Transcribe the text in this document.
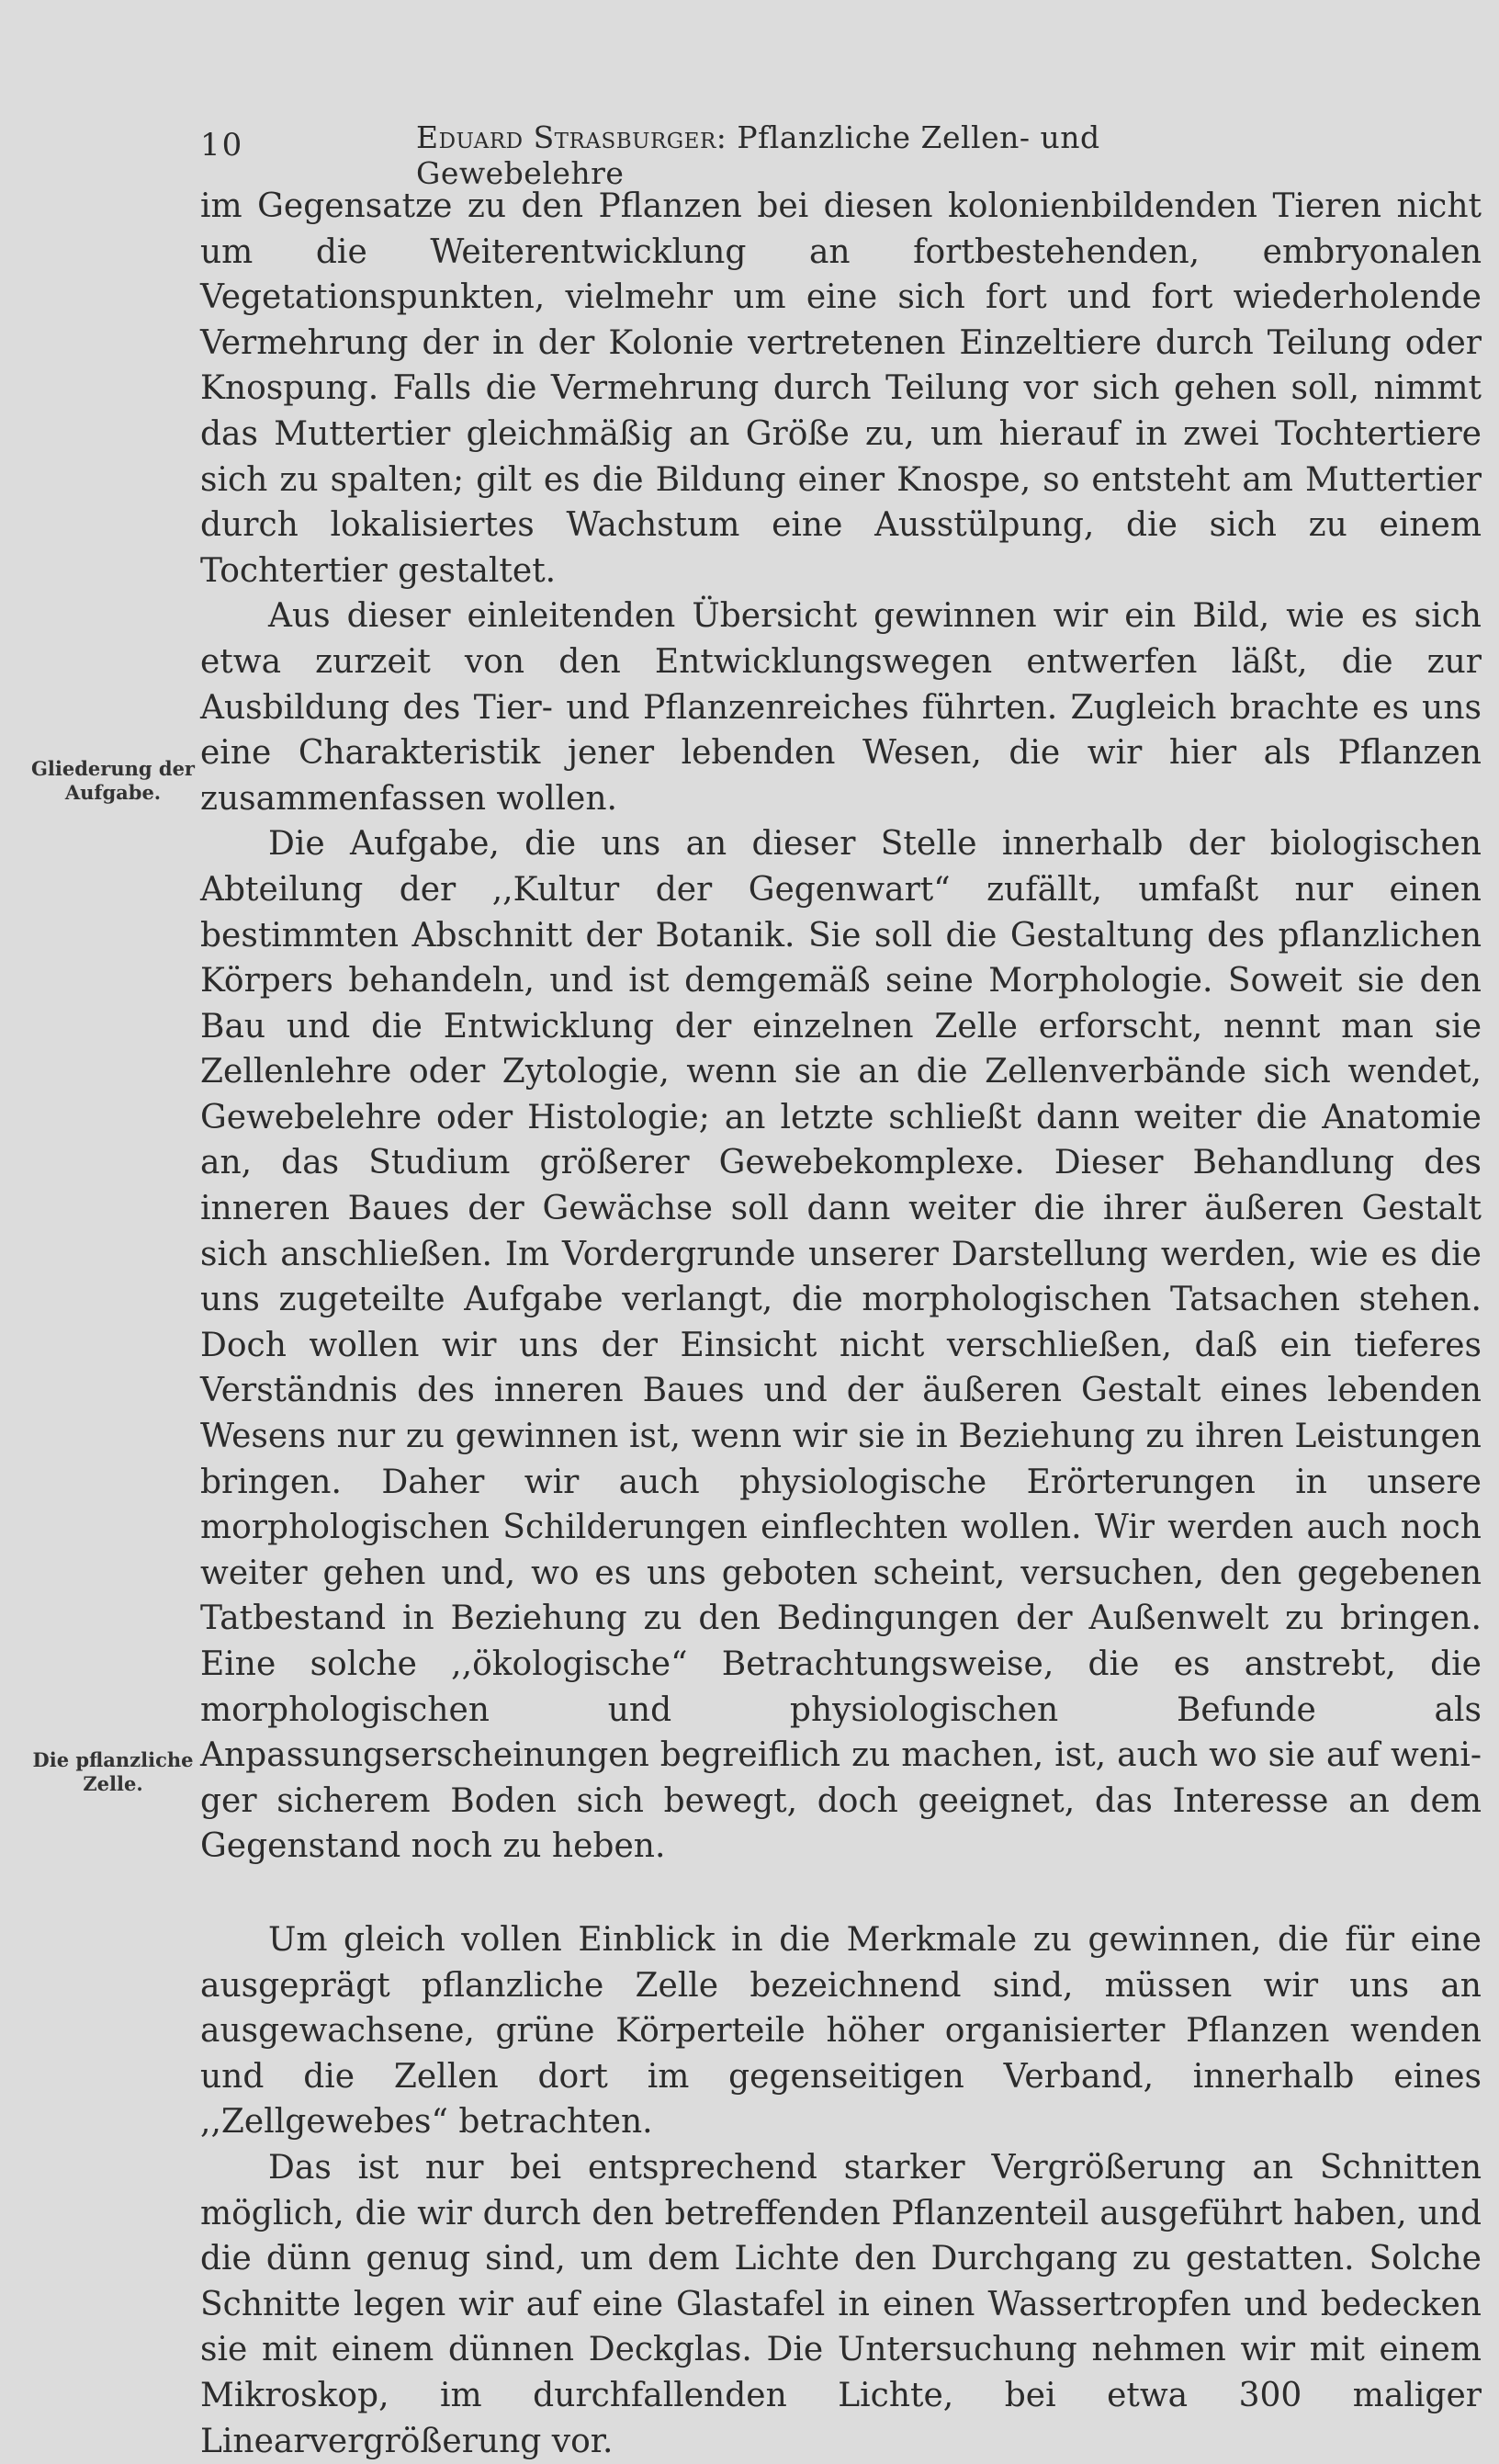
10	Eduard Strasburger: Pflanzliche Zellen- und Gewebelehre
Gliederung der
Aufgabe.
Die pflanzliche
Zelle.

im Gegensatze zu den Pflanzen bei diesen kolonienbildenden Tieren nicht um die Weiterentwicklung an fortbestehenden, embryonalen Vegetationspunkten, vielmehr um eine sich fort und fort wiederholende Vermehrung der in der Kolonie vertretenen Einzeltiere durch Teilung oder Knospung. Falls die Vermehrung durch Teilung vor sich gehen soll, nimmt das Muttertier gleichmäßig an Größe zu, um hierauf in zwei Tochtertiere sich zu spalten; gilt es die Bildung einer Knospe, so entsteht am Muttertier durch lokalisiertes Wachstum eine Ausstülpung, die sich zu einem Tochtertier gestaltet.

Aus dieser einleitenden Übersicht gewinnen wir ein Bild, wie es sich etwa zurzeit von den Entwicklungswegen entwerfen läßt, die zur Ausbildung des Tier- und Pflanzenreiches führten. Zugleich brachte es uns eine Charakteristik jener lebenden Wesen, die wir hier als Pflanzen zusammenfassen wollen.

Die Aufgabe, die uns an dieser Stelle innerhalb der biologischen Abteilung der ,,Kultur der Gegenwart“ zufällt, umfaßt nur einen bestimmten Abschnitt der Botanik. Sie soll die Gestaltung des pflanzlichen Körpers behandeln, und ist demgemäß seine Morphologie. Soweit sie den Bau und die Entwicklung der einzelnen Zelle erforscht, nennt man sie Zellenlehre oder Zytologie, wenn sie an die Zellenverbände sich wendet, Gewebelehre oder Histologie; an letzte schließt dann weiter die Anatomie an, das Studium größerer Gewebekomplexe. Dieser Behandlung des inneren Baues der Gewächse soll dann weiter die ihrer äußeren Gestalt sich anschließen. Im Vordergrunde unserer Darstellung werden, wie es die uns zugeteilte Aufgabe verlangt, die morphologischen Tatsachen stehen. Doch wollen wir uns der Einsicht nicht verschließen, daß ein tieferes Verständnis des inneren Baues und der äußeren Gestalt eines lebenden Wesens nur zu gewinnen ist, wenn wir sie in Beziehung zu ihren Leistungen bringen. Daher wir auch physiologische Erörterungen in unsere morphologischen Schilderungen einflechten wollen. Wir werden auch noch weiter gehen und, wo es uns geboten scheint, versuchen, den gegebenen Tatbestand in Beziehung zu den Bedingungen der Außenwelt zu bringen. Eine solche ,,ökologische“ Betrachtungsweise, die es anstrebt, die morphologischen und physiologischen Befunde als Anpassungserscheinungen begreiflich zu machen, ist, auch wo sie auf weniger sicherem Boden sich bewegt, doch geeignet, das Interesse an dem Gegenstand noch zu heben.

Um gleich vollen Einblick in die Merkmale zu gewinnen, die für eine ausgeprägt pflanzliche Zelle bezeichnend sind, müssen wir uns an ausgewachsene, grüne Körperteile höher organisierter Pflanzen wenden und die Zellen dort im gegenseitigen Verband, innerhalb eines ,,Zellgewebes“ betrachten.

Das ist nur bei entsprechend starker Vergrößerung an Schnitten möglich, die wir durch den betreffenden Pflanzenteil ausgeführt haben, und die dünn genug sind, um dem Lichte den Durchgang zu gestatten. Solche Schnitte legen wir auf eine Glastafel in einen Wassertropfen und bedecken sie mit einem dünnen Deckglas. Die Untersuchung nehmen wir mit einem Mikroskop, im durchfallenden Lichte, bei etwa 300 maliger Linearvergrößerung vor.
